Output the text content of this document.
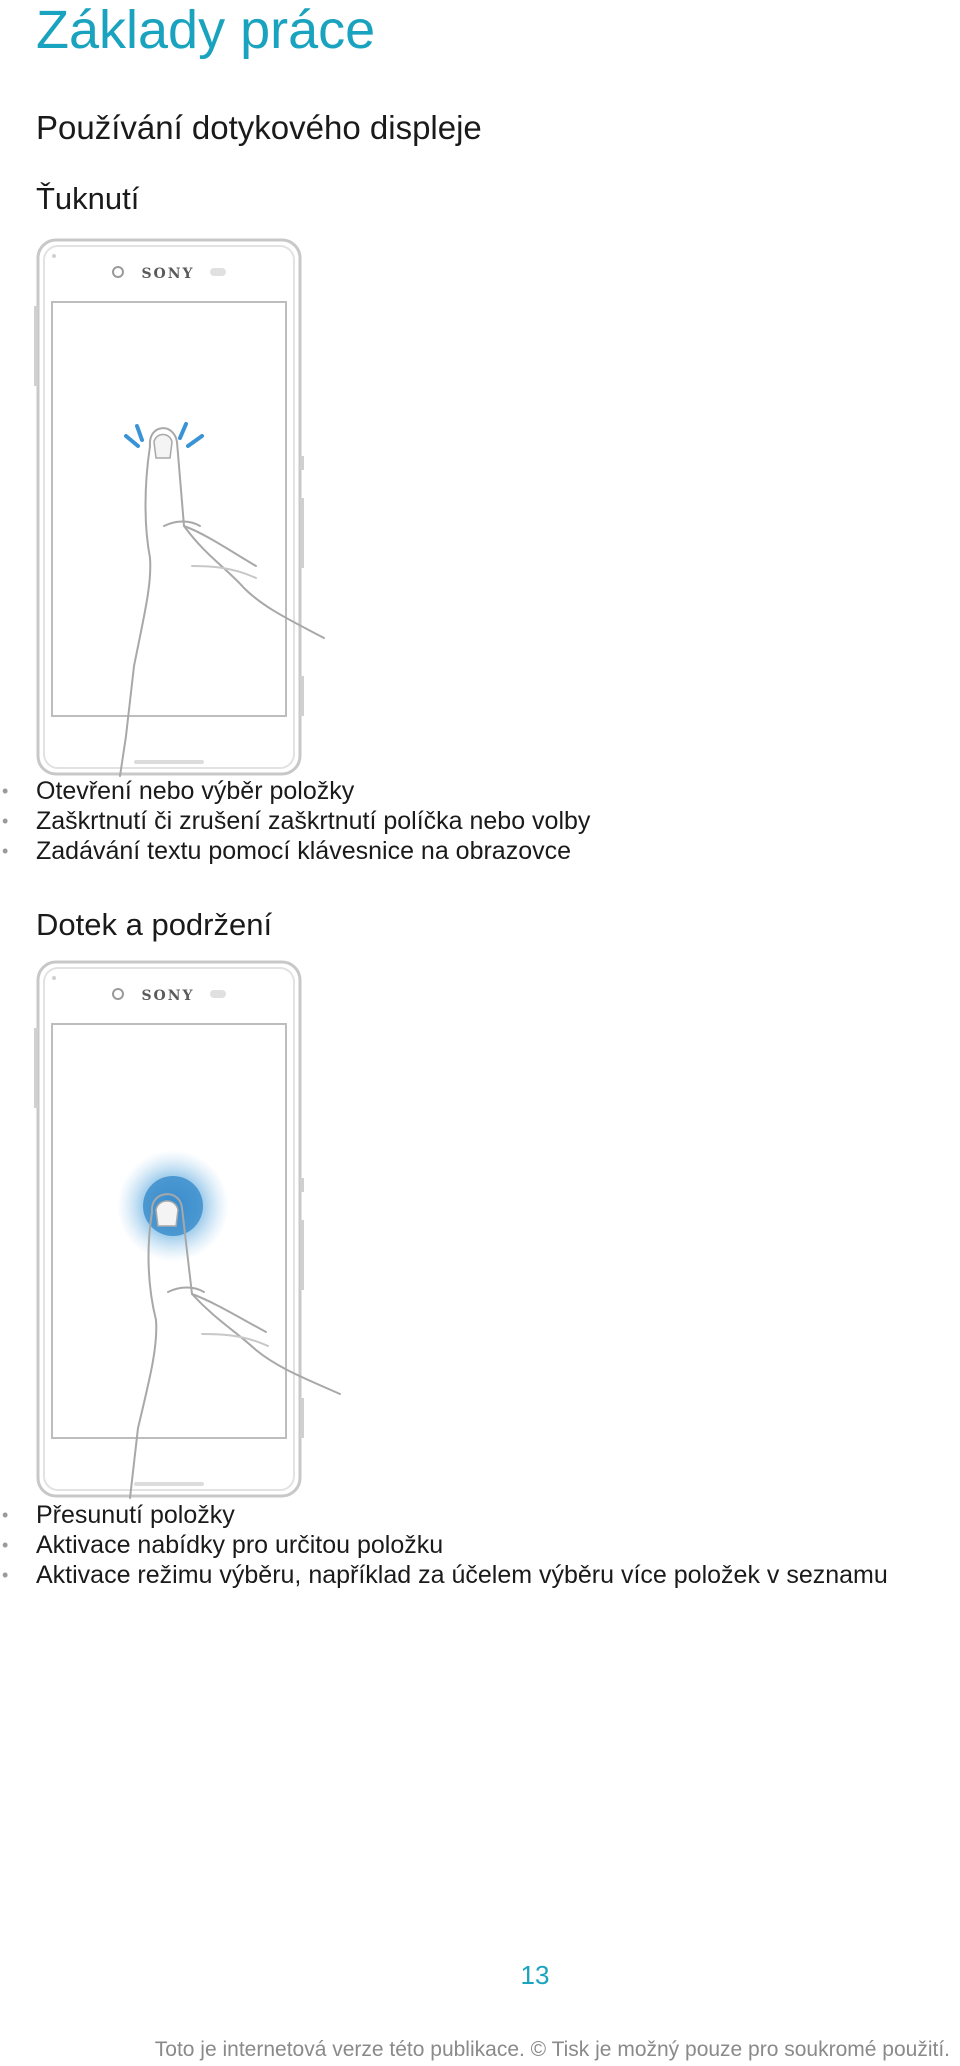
Základy práce
Používání dotykového displeje
Ťuknutí
SONY
• Otevření nebo výběr položky
• Zaškrtnutí či zrušení zaškrtnutí políčka nebo volby
• Zadávání textu pomocí klávesnice na obrazovce
Dotek a podržení
SONY
• Přesunutí položky
• Aktivace nabídky pro určitou položku
• Aktivace režimu výběru, například za účelem výběru více položek v seznamu
13
Toto je internetová verze této publikace. © Tisk je možný pouze pro soukromé použití.
